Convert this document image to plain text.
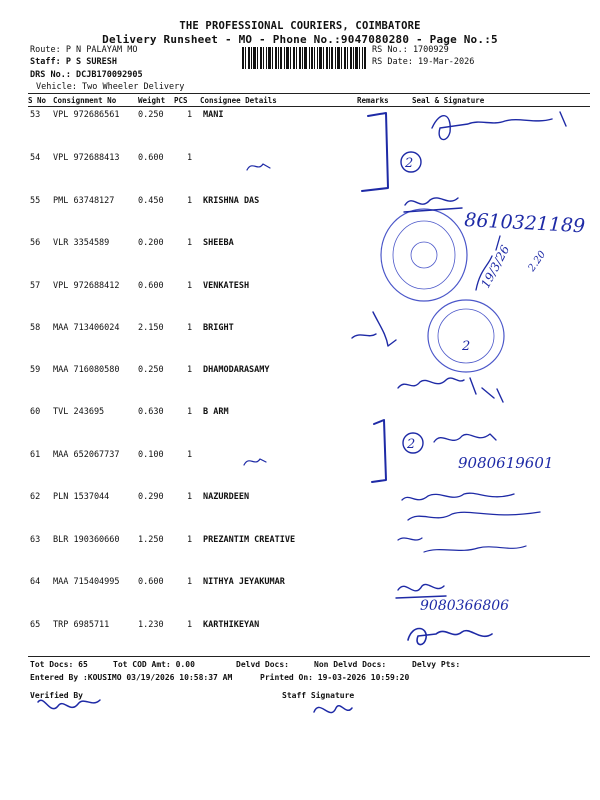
THE PROFESSIONAL COURIERS, COIMBATORE
Delivery Runsheet - MO - Phone No.:9047080280 - Page No.:5
Route: P N PALAYAM MO
Staff: P S SURESH
DRS No.: DCJB170092905
Vehicle: Two Wheeler Delivery
RS No.: 1700929
RS Date: 19-Mar-2026
S No Consignment No	Weight PCS Consignee Details	Remarks	Seal & Signature
53 VPL 972686561 0.250	1 MANI
54 VPL 972688413 0.600	1
55 PML 63748127	0.450	1 KRISHNA DAS
56 VLR 3354589	0.200	1 SHEEBA
57 VPL 972688412 0.600	1 VENKATESH
58 MAA 713406024 2.150	1 BRIGHT
59 MAA 716080580 0.250	1 DHAMODARASAMY
60 TVL 243695	0.630	1 B ARM
61 MAA 652067737 0.100	1
62 PLN 1537044	0.290	1 NAZURDEEN
63 BLR 190360660 1.250	1 PREZANTIM CREATIVE
64 MAA 715404995 0.600	1 NITHYA JEYAKUMAR
65 TRP 6985711	1.230	1 KARTHIKEYAN
Tot Docs: 65	Tot COD Amt: 0.00	Delvd Docs:	Non Delvd Docs:	Delvy Pts:
Entered By :KOUSIMO 03/19/2026 10:58:37 AM	Printed On: 19-03-2026 10:59:20
Verified By	Staff Signature
2
8610321189
19/3/26 2.20
2
2
9080619601
9080366806
